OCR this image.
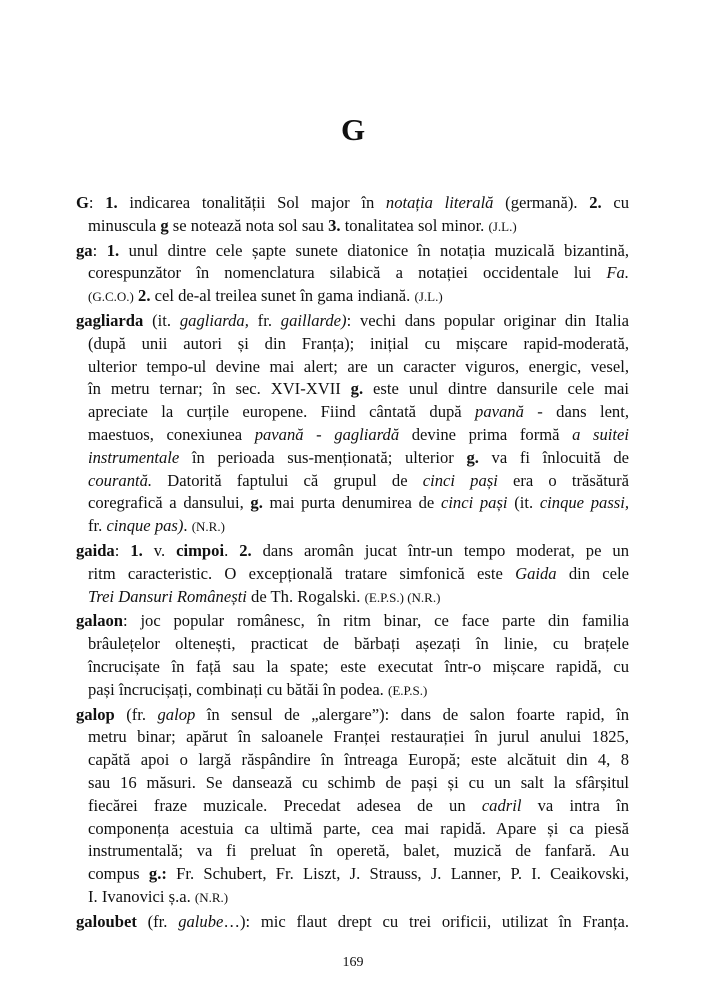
G
G: 1. indicarea tonalității Sol major în notația literală (germană). 2. cu
minuscula g se notează nota sol sau 3. tonalitatea sol minor. (J.L.)
ga: 1. unul dintre cele șapte sunete diatonice în notația muzicală bizantină,
corespunzător în nomenclatura silabică a notației occidentale lui Fa.
(G.C.O.) 2. cel de-al treilea sunet în gama indiană. (J.L.)
gagliarda (it. gagliarda, fr. gaillarde): vechi dans popular originar din Italia
(după unii autori și din Franța); inițial cu mișcare rapid-moderată,
ulterior tempo-ul devine mai alert; are un caracter viguros, energic, vesel,
în metru ternar; în sec. XVI-XVII g. este unul dintre dansurile cele mai
apreciate la curțile europene. Fiind cântată după pavană - dans lent,
maestuos, conexiunea pavană - gagliardă devine prima formă a suitei
instrumentale în perioada sus-menționată; ulterior g. va fi înlocuită de
courantă. Datorită faptului că grupul de cinci pași era o trăsătură
coregrafică a dansului, g. mai purta denumirea de cinci pași (it. cinque passi,
fr. cinque pas). (N.R.)
gaida: 1. v. cimpoi. 2. dans aromân jucat într-un tempo moderat, pe un
ritm caracteristic. O excepțională tratare simfonică este Gaida din cele
Trei Dansuri Românești de Th. Rogalski. (E.P.S.) (N.R.)
galaon: joc popular românesc, în ritm binar, ce face parte din familia
brâulețelor oltenești, practicat de bărbați așezați în linie, cu brațele
încrucișate în față sau la spate; este executat într-o mișcare rapidă, cu
pași încrucișați, combinați cu bătăi în podea. (E.P.S.)
galop (fr. galop în sensul de „alergare”): dans de salon foarte rapid, în
metru binar; apărut în saloanele Franței restaurației în jurul anului 1825,
capătă apoi o largă răspândire în întreaga Europă; este alcătuit din 4, 8
sau 16 măsuri. Se dansează cu schimb de pași și cu un salt la sfârșitul
fiecărei fraze muzicale. Precedat adesea de un cadril va intra în
componența acestuia ca ultimă parte, cea mai rapidă. Apare și ca piesă
instrumentală; va fi preluat în operetă, balet, muzică de fanfară. Au
compus g.: Fr. Schubert, Fr. Liszt, J. Strauss, J. Lanner, P. I. Ceaikovski,
I. Ivanovici ș.a. (N.R.)
galoubet (fr. galube…): mic flaut drept cu trei orificii, utilizat în Franța.
169
